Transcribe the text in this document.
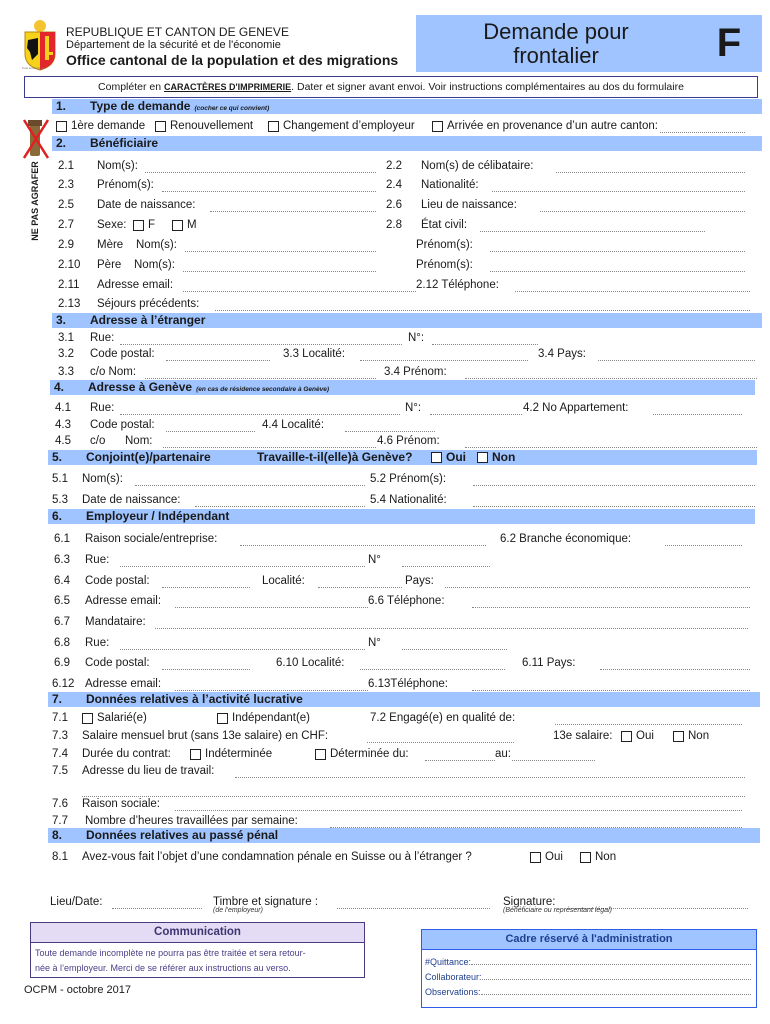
Post tenebras lux
REPUBLIQUE ET CANTON DE GENEVE
Département de la sécurité et de l'économie
Office cantonal de la population et des migrations
Demande pour
frontalier	F
Compléter en CARACTÈRES D'IMPRIMERIE. Dater et signer avant envoi. Voir instructions complémentaires au dos du formulaire
NE PAS AGRAFER
1. Type de demande (cocher ce qui convient)
2. Bénéficiaire
3. Adresse à l’étranger
4. Adresse à Genève (en cas de résidence secondaire à Genève)
5. Conjoint(e)/partenaire	Travaille-t-il(elle)à Genève?	Oui Non
6. Employeur / Indépendant
7. Données relatives à l’activité lucrative
8. Données relatives au passé pénal
1ère demande Renouvellement	Changement d’employeur	Arrivée en provenance d’un autre canton:
2.1 Nom(s):	2.2 Nom(s) de célibataire:
2.3 Prénom(s):	2.4 Nationalité:
2.5 Date de naissance:	2.6 Lieu de naissance:
2.7 Sexe: F	M	2.8 État civil:
2.9 Mère Nom(s):	Prénom(s):
2.10 Père Nom(s):	Prénom(s):
2.11 Adresse email:	2.12 Téléphone:
2.13 Séjours précédents:
3.1 Rue:	N°:
3.2 Code postal:	3.3 Localité:	3.4 Pays:
3.3 c/o Nom:	3.4 Prénom:
4.1 Rue:	N°:	4.2 No Appartement:
4.3 Code postal:	4.4 Localité:
4.5 c/o Nom:	4.6 Prénom:
5.1 Nom(s):	5.2 Prénom(s):
5.3 Date de naissance:	5.4 Nationalité:
6.1 Raison sociale/entreprise:	6.2 Branche économique:
6.3 Rue:	N°
6.4 Code postal:	Localité:	Pays:
6.5 Adresse email:	6.6 Téléphone:
6.7 Mandataire:
6.8 Rue:	N°
6.9 Code postal:	6.10 Localité:	6.11 Pays:
6.12 Adresse email:	6.13Téléphone:
7.1	Salarié(e)	Indépendant(e)	7.2 Engagé(e) en qualité de:
7.3 Salaire mensuel brut (sans 13e salaire) en CHF:	13e salaire: Oui	Non
7.4 Durée du contrat:	Indéterminée	Déterminée du:	au:
7.5 Adresse du lieu de travail:
7.6 Raison sociale:
7.7 Nombre d’heures travaillées par semaine:
8.1 Avez-vous fait l’objet d’une condamnation pénale en Suisse ou à l’étranger ?	Oui	Non
Lieu/Date:	Timbre et signature :	Signature:
(de l'employeur)	(Bénéficiaire ou représentant légal)
Communication
Toute demande incomplète ne pourra pas être traitée et sera retour-
née à l’employeur. Merci de se référer aux instructions au verso.
OCPM - octobre 2017
Cadre réservé à l'administration
#Quittance:
Collaborateur:
Observations:
